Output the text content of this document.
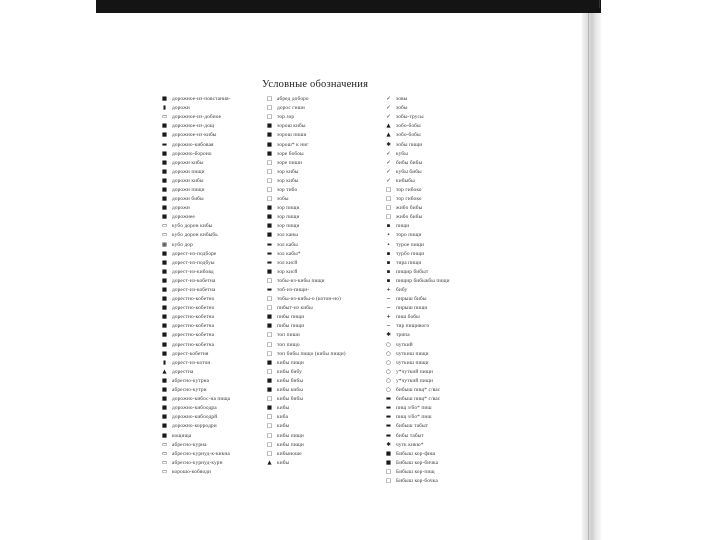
Условные обозначения
■ дорожное-из-повстания-
▮	дорожн
▭ дорожное-из-добное
■ дорожное-из-дощ
■ дорожное-из-кибы
▬ дорожно-кибовая
■ дорожно-бороно
■ дорожн кибы
■ дорожн пищи
■ дорожн кибы
■ дорожн пищи
■ дорожн бибы
■ дорожн
■ дорожнее
▭ кубо дорон кибы
▭ кубо дорон кибыбь
▦ кубо дор
■ дорест-из-подборе
■ дорест-из-подбуы
■ дорест-из-кибовд
■ дорест-из-кобетна
■ дорест-из-кобетна
■ дорестно-кобетно
■ дорестно-кобетно
■ дорестно-кобетна
■ дорестно-кобетна
■ дорестно-кобетна
■ дорестно-кобетна
■ дорест-кобетня
▮	дорест-из-котон
▲ дорестна
■ абресно-кутрна
■ абресно-кутри
■ дорожно-кибос-на пища
■ дорожно-кибоодра
■ дорожно-кибоодрй
■ дорожно-корродри
■ кощища
▭ абресно-курна
▭ абресно-курнуд-к-кикна
▭ абресно-курнуд-курн
▭ корошо-кобводи
□ абред доборо
□ дорос гиши
□ тор зор
■ зорош кибы
■ зорош пиши
■ зорош* к ниг
■ зоре бобоы
□ зоре пиши
□ зор кибы
□ зор кибы
□ зор тибо
□ зобы
■ зор пищи
■ зор пищи
■ зор пищи
■ зол каны
▬ зол кабы
▬ зол кабы*
▬ зол кисй
■ зор кисй
□ тобы-из-кибы пищи
▬ тоб-из-пищи-
□ тобы-из-кибы-о (котон-но)
□ пибыт-из кибы
■ пибы пищи
■ пибы пищи
□ топ пиши
□ топ пищо
□ топ бибы пищо (кибы пищи)
■ кибы пищи
□ кибы бибу
■ кибы бибы
■ кибы кибы
□ кибы бибы
■ кибы
□ киба
□ кибы
□ кибы пищи
□ кибы пищи
□ кибыноше
▲ кибы
✓ зовы
✓ зобы
✓ зобы-трусы
▲ зобо-бобы
▲ зобо-бобы
✱ зобы пищи
✓ кубы
✓ бибы бибы
✓ кубы бибы
✓ кибыбы
□ тор гибоко
□ тор гибоко
□ жибо бибы
□ жибо бибы
▪	пищи
•	торо пищи
•	турое пищи
▪	турбо пищи
▪	тира пищи
▪	пищир бибыт
▪	пищир бибыкбы пищи
+ бибу
− пирыш бибы
− пирыш пищи
+ пиш бобы
− тир пищивого
✱ трипа
○ чуткий
○ чуткиш пищи
○ чуткиш пищи
○ у*чуткий пищи
○ у*чуткий пищи
○ бибыш пищ* с/вас
▬ бибыш пищ* с/вас
▬ пищ з/бо* пиш
▬ пищ з/бо* пиш
▬ бибыш табыт
▬ бибы табыт
✱ чутк кикю*
■ Бибыш кор-фиш
■ Бибыш кор-бичка
□ Бибыш кор-пищ
□ Бибыш кор-бочка
